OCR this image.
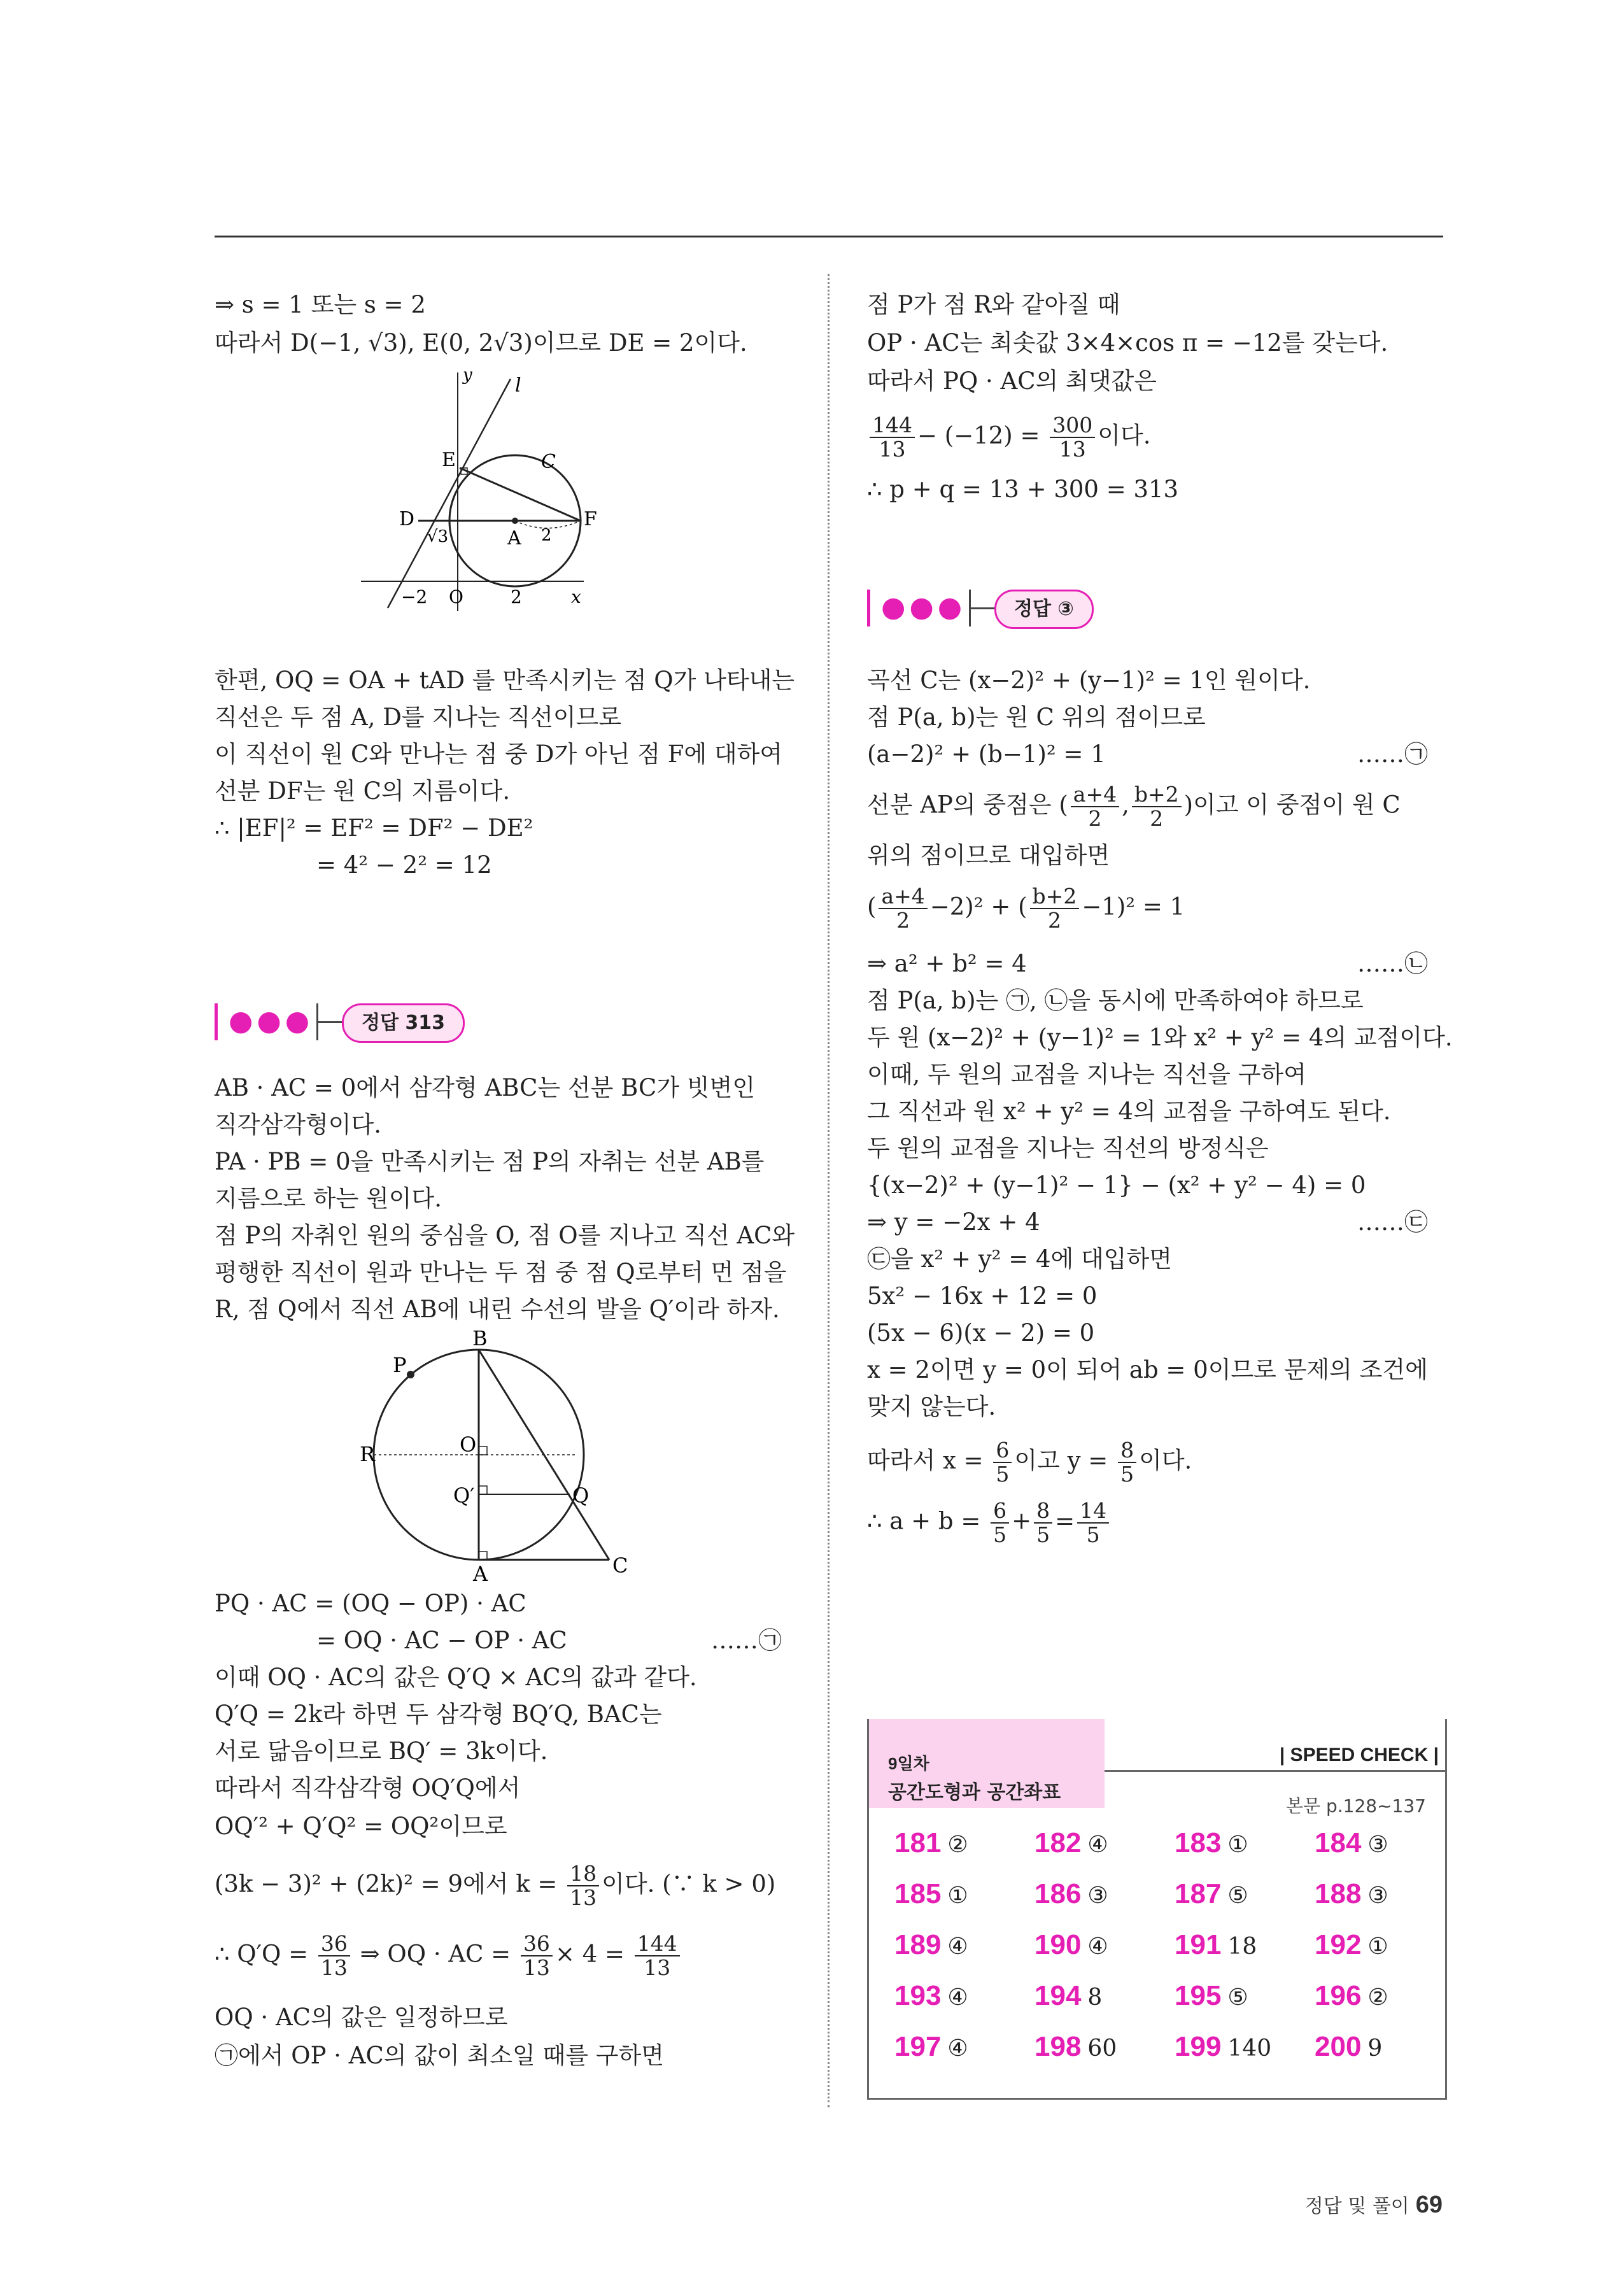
⇒ s = 1 또는 s = 2
따라서 D(−1, √3), E(0, 2√3)이므로 DE = 2이다.
y l
E	C
D	F
√3	A 2
−2 O	2	x
한편, OQ = OA + tAD 를 만족시키는 점 Q가 나타내는
직선은 두 점 A, D를 지나는 직선이므로
이 직선이 원 C와 만나는 점 중 D가 아닌 점 F에 대하여
선분 DF는 원 C의 지름이다.
∴ |EF|² = EF² = DF² − DE²
= 4² − 2² = 12
●●●	정답 313
AB · AC = 0에서 삼각형 ABC는 선분 BC가 빗변인
직각삼각형이다.
PA · PB = 0을 만족시키는 점 P의 자취는 선분 AB를
지름으로 하는 원이다.
점 P의 자취인 원의 중심을 O, 점 O를 지나고 직선 AC와
평행한 직선이 원과 만나는 두 점 중 점 Q로부터 먼 점을
R, 점 Q에서 직선 AB에 내린 수선의 발을 Q′이라 하자.
B
P
R	O
Q′	Q
A	C
PQ · AC = (OQ − OP) · AC
= OQ · AC − OP · AC	……㉠
이때 OQ · AC의 값은 Q′Q × AC의 값과 같다.
Q′Q = 2k라 하면 두 삼각형 BQ′Q, BAC는
서로 닮음이므로 BQ′ = 3k이다.
따라서 직각삼각형 OQ′Q에서
OQ′² + Q′Q² = OQ²이므로
(3k − 3)² + (2k)² = 9에서 $k = \frac{18}{13}$ 이다. (∵ k > 0)
∴ $Q'Q = \frac{36}{13}$ ⇒ OQ · AC = $\frac{36}{13} \times 4 = \frac{144}{13}$
OQ · AC의 값은 일정하므로
㉠에서 OP · AC의 값이 최소일 때를 구하면
점 P가 점 R와 같아질 때
OP · AC는 최솟값 3×4×cos π = −12를 갖는다.
따라서 PQ · AC의 최댓값은
$\frac{144}{13} - (-12) = \frac{300}{13}$ 이다.
∴ p + q = 13 + 300 = 313
●●●	정답 ③
곡선 C는 (x−2)² + (y−1)² = 1인 원이다.
점 P(a, b)는 원 C 위의 점이므로
(a−2)² + (b−1)² = 1	……㉠
선분 AP의 중점은 ( $\frac{a+4}{2}$ , $\frac{b+2}{2}$ )이고 이 중점이 원 C
위의 점이므로 대입하면
( $\frac{a+4}{2} -2)^2$ + ( $\frac{b+2}{2} -1)^2 = 1$
⇒ a² + b² = 4	……㉡
점 P(a, b)는 ㉠, ㉡을 동시에 만족하여야 하므로
두 원 (x−2)² + (y−1)² = 1와 x² + y² = 4의 교점이다.
이때, 두 원의 교점을 지나는 직선을 구하여
그 직선과 원 x² + y² = 4의 교점을 구하여도 된다.
두 원의 교점을 지나는 직선의 방정식은
{(x−2)² + (y−1)² − 1} − (x² + y² − 4) = 0
⇒ y = −2x + 4	……㉢
㉢을 x² + y² = 4에 대입하면
5x² − 16x + 12 = 0
(5x − 6)(x − 2) = 0
x = 2이면 y = 0이 되어 ab = 0이므로 문제의 조건에
맞지 않는다.
따라서 $x = \frac{6}{5}$ 이고 $y = \frac{8}{5}$ 이다.
∴ $a + b = \frac{6}{5} + \frac{8}{5} = \frac{14}{5}$
9일차
공간도형과 공간좌표
| SPEED CHECK |
본문 p.128~137
181 ② 182 ④ 183 ① 184 ③
185 ① 186 ③ 187 ⑤ 188 ③
189 ④ 190 ④ 191 18 192 ①
193 ④ 194 8	195 ⑤ 196 ②
197 ④ 198 60 199 140 200 9
정답 및 풀이 69
